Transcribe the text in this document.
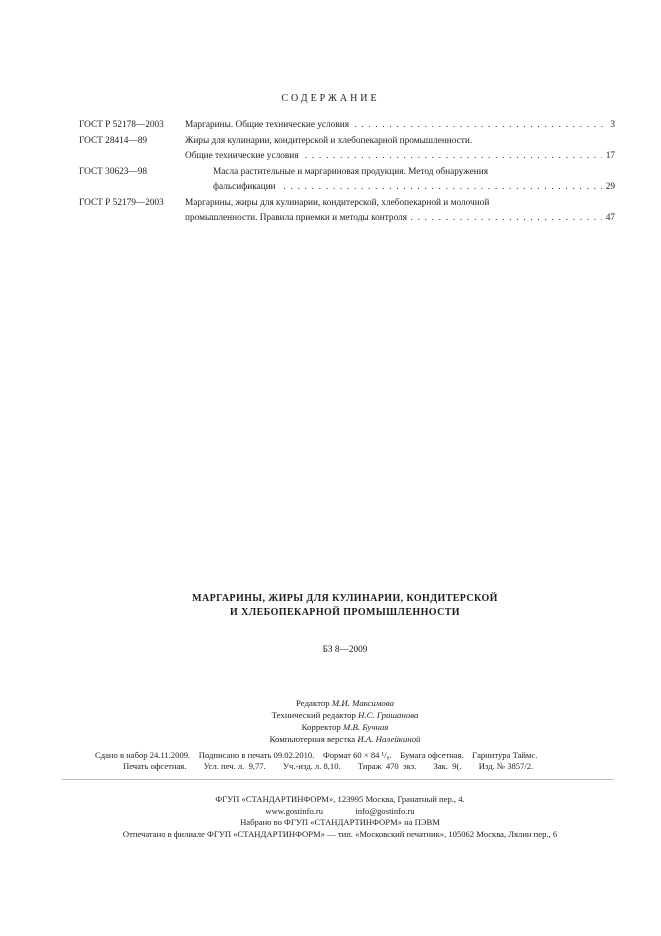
СОДЕРЖАНИЕ
ГОСТ Р 52178—2003 Маргарины. Общие технические условия . . .	3
ГОСТ 28414—89	Жиры для кулинарии, кондитерской и хлебопекарной промышленности.
Общие технические условия . . .	17
ГОСТ 30623—98	Масла растительные и маргариновая продукция. Метод обнаружения
фальсификации . . .	29
ГОСТ Р 52179—2003 Маргарины, жиры для кулинарии, кондитерской, хлебопекарной и молочной
промышленности. Правила приемки и методы контроля . . .	47
МАРГАРИНЫ, ЖИРЫ ДЛЯ КУЛИНАРИИ, КОНДИТЕРСКОЙ
И ХЛЕБОПЕКАРНОЙ ПРОМЫШЛЕННОСТИ
БЗ 8—2009
Редактор М.И. Максимова
Технический редактор Н.С. Гришанова
Корректор М.В. Бучная
Компьютерная верстка И.А. Налейкиной
Сдано в набор 24.11.2009.    Подписано в печать 09.02.2010.    Формат 60 × 84 ¹/₈.    Бумага офсетная.    Гарнитура Таймс.
Печать офсетная.        Усл. печ. л.  9,77.        Уч.-изд. л. 8,10.        Тираж  470  экз.        Зак.  9(.        Изд. № 3857/2.
ФГУП «СТАНДАРТИНФОРМ», 123995 Москва, Гранатный пер., 4.
www.gostinfo.ru	info@gostinfo.ru
Набрано во ФГУП «СТАНДАРТИНФОРМ» на ПЭВМ
Отпечатано в филиале ФГУП «СТАНДАРТИНФОРМ» — тип. «Московский печатник», 105062 Москва, Лялин пер., 6
